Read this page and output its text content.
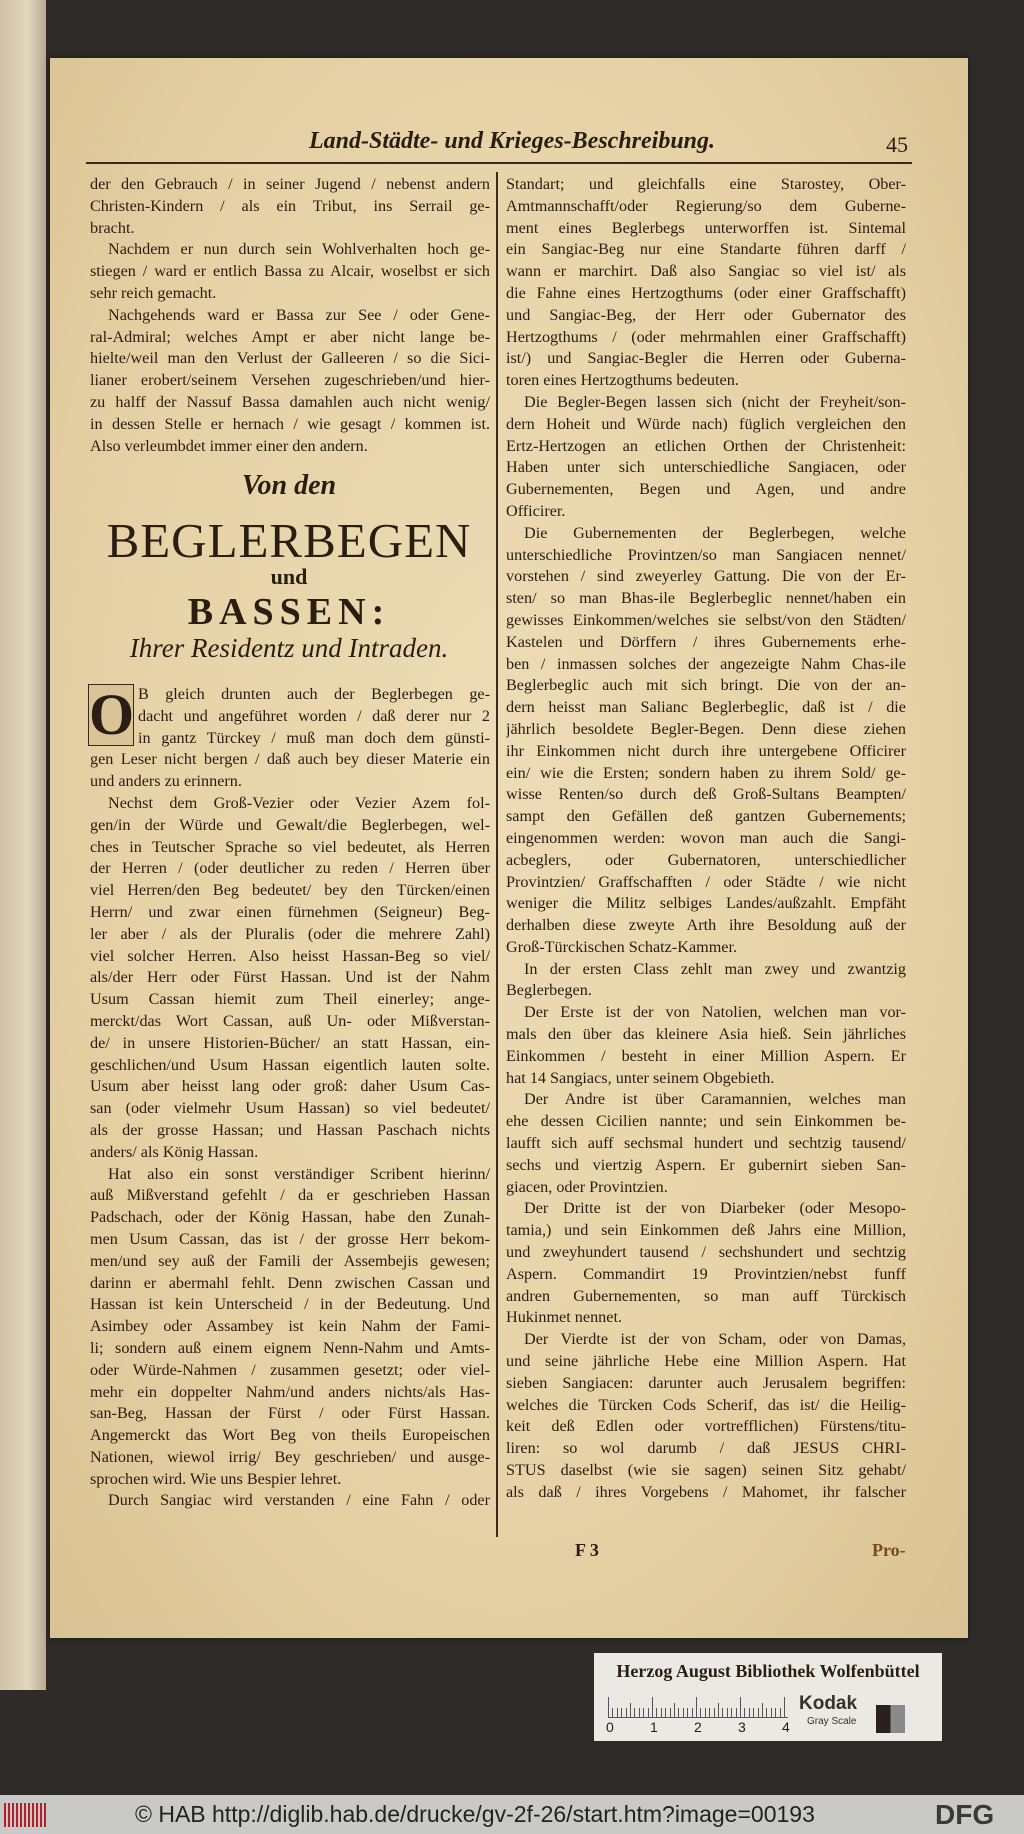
Land-Städte- und Krieges-Beschreibung.	45
der den Gebrauch / in seiner Jugend / nebenst andern
Christen-Kindern / als ein Tribut, ins Serrail ge-
bracht.
Nachdem er nun durch sein Wohlverhalten hoch ge-
stiegen / ward er entlich Bassa zu Alcair, woselbst er sich
sehr reich gemacht.
Nachgehends ward er Bassa zur See / oder Gene-
ral-Admiral; welches Ampt er aber nicht lange be-
hielte/weil man den Verlust der Galleeren / so die Sici-
lianer erobert/seinem Versehen zugeschrieben/und hier-
zu halff der Nassuf Bassa damahlen auch nicht wenig/
in dessen Stelle er hernach / wie gesagt / kommen ist.
Also verleumbdet immer einer den andern.
Von den
BEGLERBEGEN
und
BASSEN:
Ihrer Residentz und Intraden.
O B gleich drunten auch der Beglerbegen ge-
dacht und angeführet worden / daß derer nur 2
in gantz Türckey / muß man doch dem günsti-
gen Leser nicht bergen / daß auch bey dieser Materie ein
und anders zu erinnern.
Nechst dem Groß-Vezier oder Vezier Azem fol-
gen/in der Würde und Gewalt/die Beglerbegen, wel-
ches in Teutscher Sprache so viel bedeutet, als Herren
der Herren / (oder deutlicher zu reden / Herren über
viel Herren/den Beg bedeutet/ bey den Türcken/einen
Herrn/ und zwar einen fürnehmen (Seigneur) Beg-
ler aber / als der Pluralis (oder die mehrere Zahl)
viel solcher Herren. Also heisst Hassan-Beg so viel/
als/der Herr oder Fürst Hassan. Und ist der Nahm
Usum Cassan hiemit zum Theil einerley; ange-
merckt/das Wort Cassan, auß Un- oder Mißverstan-
de/ in unsere Historien-Bücher/ an statt Hassan, ein-
geschlichen/und Usum Hassan eigentlich lauten solte.
Usum aber heisst lang oder groß: daher Usum Cas-
san (oder vielmehr Usum Hassan) so viel bedeutet/
als der grosse Hassan; und Hassan Paschach nichts
anders/ als König Hassan.
Hat also ein sonst verständiger Scribent hierinn/
auß Mißverstand gefehlt / da er geschrieben Hassan
Padschach, oder der König Hassan, habe den Zunah-
men Usum Cassan, das ist / der grosse Herr bekom-
men/und sey auß der Famili der Assembejis gewesen;
darinn er abermahl fehlt. Denn zwischen Cassan und
Hassan ist kein Unterscheid / in der Bedeutung. Und
Asimbey oder Assambey ist kein Nahm der Fami-
li; sondern auß einem eignem Nenn-Nahm und Amts-
oder Würde-Nahmen / zusammen gesetzt; oder viel-
mehr ein doppelter Nahm/und anders nichts/als Has-
san-Beg, Hassan der Fürst / oder Fürst Hassan.
Angemerckt das Wort Beg von theils Europeischen
Nationen, wiewol irrig/ Bey geschrieben/ und ausge-
sprochen wird. Wie uns Bespier lehret.
Durch Sangiac wird verstanden / eine Fahn / oder
Standart; und gleichfalls eine Starostey, Ober-
Amtmannschafft/oder Regierung/so dem Guberne-
ment eines Beglerbegs unterworffen ist. Sintemal
ein Sangiac-Beg nur eine Standarte führen darff /
wann er marchirt. Daß also Sangiac so viel ist/ als
die Fahne eines Hertzogthums (oder einer Graffschafft)
und Sangiac-Beg, der Herr oder Gubernator des
Hertzogthums / (oder mehrmahlen einer Graffschafft)
ist/) und Sangiac-Begler die Herren oder Guberna-
toren eines Hertzogthums bedeuten.
Die Begler-Begen lassen sich (nicht der Freyheit/son-
dern Hoheit und Würde nach) füglich vergleichen den
Ertz-Hertzogen an etlichen Orthen der Christenheit:
Haben unter sich unterschiedliche Sangiacen, oder
Gubernementen, Begen und Agen, und andre
Officirer.
Die Gubernementen der Beglerbegen, welche
unterschiedliche Provintzen/so man Sangiacen nennet/
vorstehen / sind zweyerley Gattung. Die von der Er-
sten/ so man Bhas-ile Beglerbeglic nennet/haben ein
gewisses Einkommen/welches sie selbst/von den Städten/
Kastelen und Dörffern / ihres Gubernements erhe-
ben / inmassen solches der angezeigte Nahm Chas-ile
Beglerbeglic auch mit sich bringt. Die von der an-
dern heisst man Salianc Beglerbeglic, daß ist / die
jährlich besoldete Begler-Begen. Denn diese ziehen
ihr Einkommen nicht durch ihre untergebene Officirer
ein/ wie die Ersten; sondern haben zu ihrem Sold/ ge-
wisse Renten/so durch deß Groß-Sultans Beampten/
sampt den Gefällen deß gantzen Gubernements;
eingenommen werden: wovon man auch die Sangi-
acbeglers, oder Gubernatoren, unterschiedlicher
Provintzien/ Graffschafften / oder Städte / wie nicht
weniger die Militz selbiges Landes/außzahlt. Empfäht
derhalben diese zweyte Arth ihre Besoldung auß der
Groß-Türckischen Schatz-Kammer.
In der ersten Class zehlt man zwey und zwantzig
Beglerbegen.
Der Erste ist der von Natolien, welchen man vor-
mals den über das kleinere Asia hieß. Sein jährliches
Einkommen / besteht in einer Million Aspern. Er
hat 14 Sangiacs, unter seinem Obgebieth.
Der Andre ist über Caramannien, welches man
ehe dessen Cicilien nannte; und sein Einkommen be-
laufft sich auff sechsmal hundert und sechtzig tausend/
sechs und viertzig Aspern. Er gubernirt sieben San-
giacen, oder Provintzien.
Der Dritte ist der von Diarbeker (oder Mesopo-
tamia,) und sein Einkommen deß Jahrs eine Million,
und zweyhundert tausend / sechshundert und sechtzig
Aspern. Commandirt 19 Provintzien/nebst funff
andren Gubernementen, so man auff Türckisch
Hukinmet nennet.
Der Vierdte ist der von Scham, oder von Damas,
und seine jährliche Hebe eine Million Aspern. Hat
sieben Sangiacen: darunter auch Jerusalem begriffen:
welches die Türcken Cods Scherif, das ist/ die Heilig-
keit deß Edlen oder vortrefflichen) Fürstens/titu-
liren: so wol darumb / daß JESUS CHRI-
STUS daselbst (wie sie sagen) seinen Sitz gehabt/
als daß / ihres Vorgebens / Mahomet, ihr falscher
F 3	Pro-
Herzog August Bibliothek Wolfenbüttel
0	1	2	3	4
Kodak
Gray Scale
© HAB http://diglib.hab.de/drucke/gv-2f-26/start.htm?image=00193	DFG
